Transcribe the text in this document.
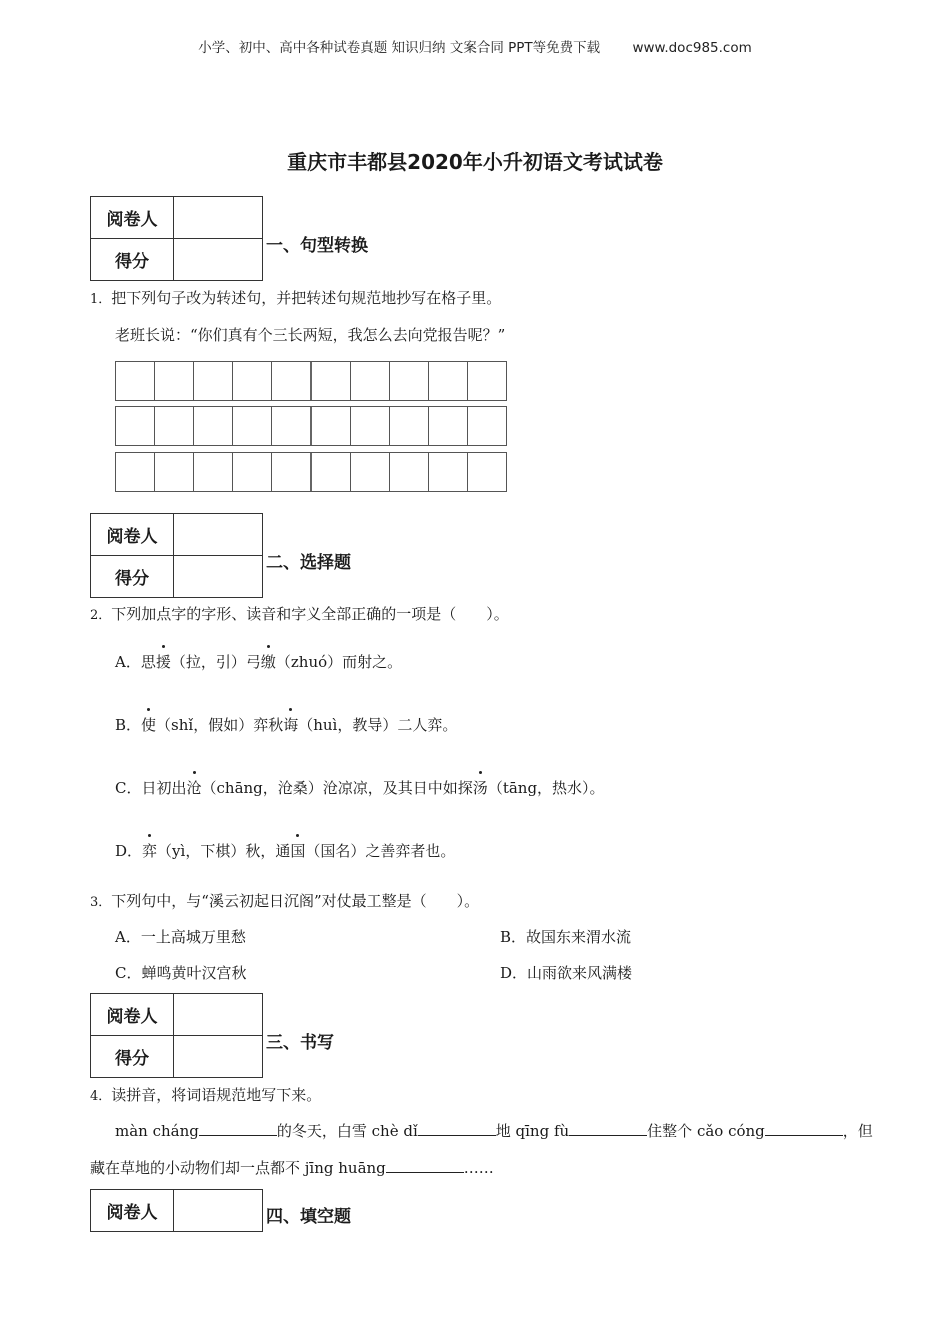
小学、初中、高中各种试卷真题 知识归纳 文案合同 PPT等免费下载 www.doc985.com
重庆市丰都县2020年小升初语文考试试卷
阅卷人	
得分	
一、句型转换
1．把下列句子改为转述句，并把转述句规范地抄写在格子里。
老班长说：“你们真有个三长两短，我怎么去向党报告呢？”
阅卷人	
得分	
二、选择题
2．下列加点字的字形、读音和字义全部正确的一项是（　　）。
A．思援（拉，引）弓缴（zhuó）而射之。
B．使（shǐ，假如）弈秋诲（huì，教导）二人弈。
C．日初出沧（chāng，沧桑）沧凉凉，及其日中如探汤（tāng，热水）。
D．弈（yì，下棋）秋，通国（国名）之善弈者也。
3．下列句中，与“溪云初起日沉阁”对仗最工整是（　　）。
A．一上高城万里愁	B．故国东来渭水流
C．蝉鸣黄叶汉宫秋	D．山雨欲来风满楼
阅卷人	
得分	
三、书写
4．读拼音，将词语规范地写下来。
màn cháng	的冬天，白雪 chè dǐ	地 qīng fù	住整个 cǎo cóng	，但
藏在草地的小动物们却一点都不 jīng huāng	……
阅卷人		四、填空题
